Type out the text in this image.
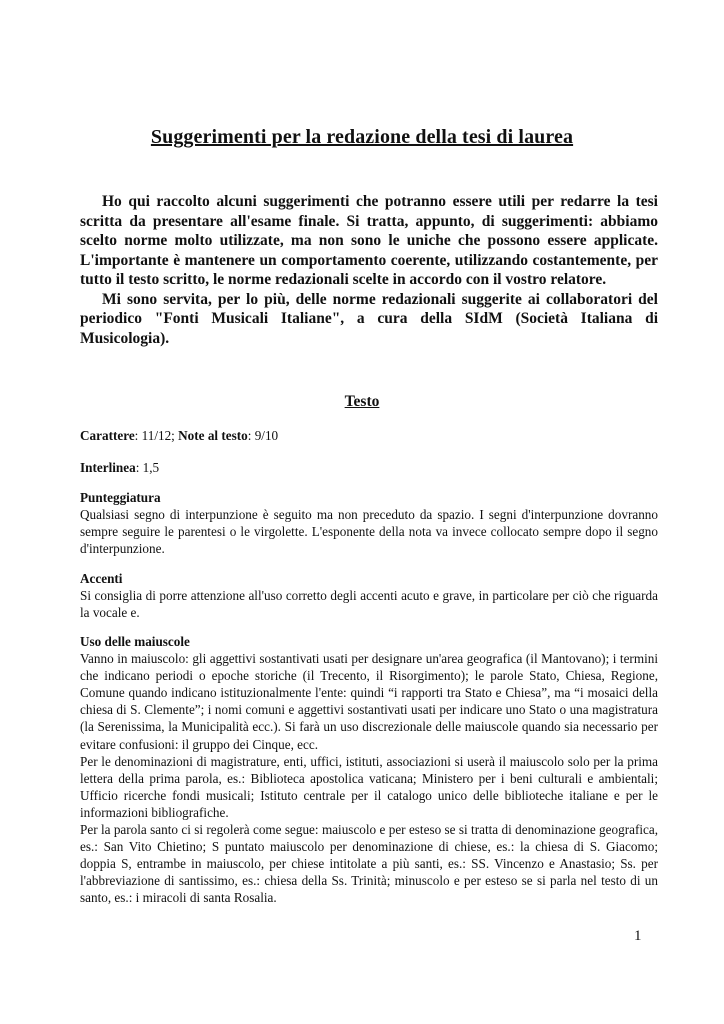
Suggerimenti per la redazione della tesi di laurea

Ho qui raccolto alcuni suggerimenti che potranno essere utili per redarre la tesi scritta da presentare all'esame finale. Si tratta, appunto, di suggerimenti: abbiamo scelto norme molto utilizzate, ma non sono le uniche che possono essere applicate. L'importante è mantenere un comportamento coerente, utilizzando costantemente, per tutto il testo scritto, le norme redazionali scelte in accordo con il vostro relatore.

Mi sono servita, per lo più, delle norme redazionali suggerite ai collaboratori del periodico "Fonti Musicali Italiane", a cura della SIdM (Società Italiana di Musicologia).

Testo
Carattere: 11/12; Note al testo: 9/10
Interlinea: 1,5
Punteggiatura

Qualsiasi segno di interpunzione è seguito ma non preceduto da spazio. I segni d'interpunzione dovranno sempre seguire le parentesi o le virgolette. L'esponente della nota va invece collocato sempre dopo il segno d'interpunzione.

Accenti

Si consiglia di porre attenzione all'uso corretto degli accenti acuto e grave, in particolare per ciò che riguarda la vocale e.

Uso delle maiuscole

Vanno in maiuscolo: gli aggettivi sostantivati usati per designare un'area geografica (il Mantovano); i termini che indicano periodi o epoche storiche (il Trecento, il Risorgimento); le parole Stato, Chiesa, Regione, Comune quando indicano istituzionalmente l'ente: quindi “i rapporti tra Stato e Chiesa”, ma “i mosaici della chiesa di S. Clemente”; i nomi comuni e aggettivi sostantivati usati per indicare uno Stato o una magistratura (la Serenissima, la Municipalità ecc.). Si farà un uso discrezionale delle maiuscole quando sia necessario per evitare confusioni: il gruppo dei Cinque, ecc.

Per le denominazioni di magistrature, enti, uffici, istituti, associazioni si userà il maiuscolo solo per la prima lettera della prima parola, es.: Biblioteca apostolica vaticana; Ministero per i beni culturali e ambientali; Ufficio ricerche fondi musicali; Istituto centrale per il catalogo unico delle biblioteche italiane e per le informazioni bibliografiche.

Per la parola santo ci si regolerà come segue: maiuscolo e per esteso se si tratta di denominazione geografica, es.: San Vito Chietino; S puntato maiuscolo per denominazione di chiese, es.: la chiesa di S. Giacomo; doppia S, entrambe in maiuscolo, per chiese intitolate a più santi, es.: SS. Vincenzo e Anastasio; Ss. per l'abbreviazione di santissimo, es.: chiesa della Ss. Trinità; minuscolo e per esteso se si parla nel testo di un santo, es.: i miracoli di santa Rosalia.

1
